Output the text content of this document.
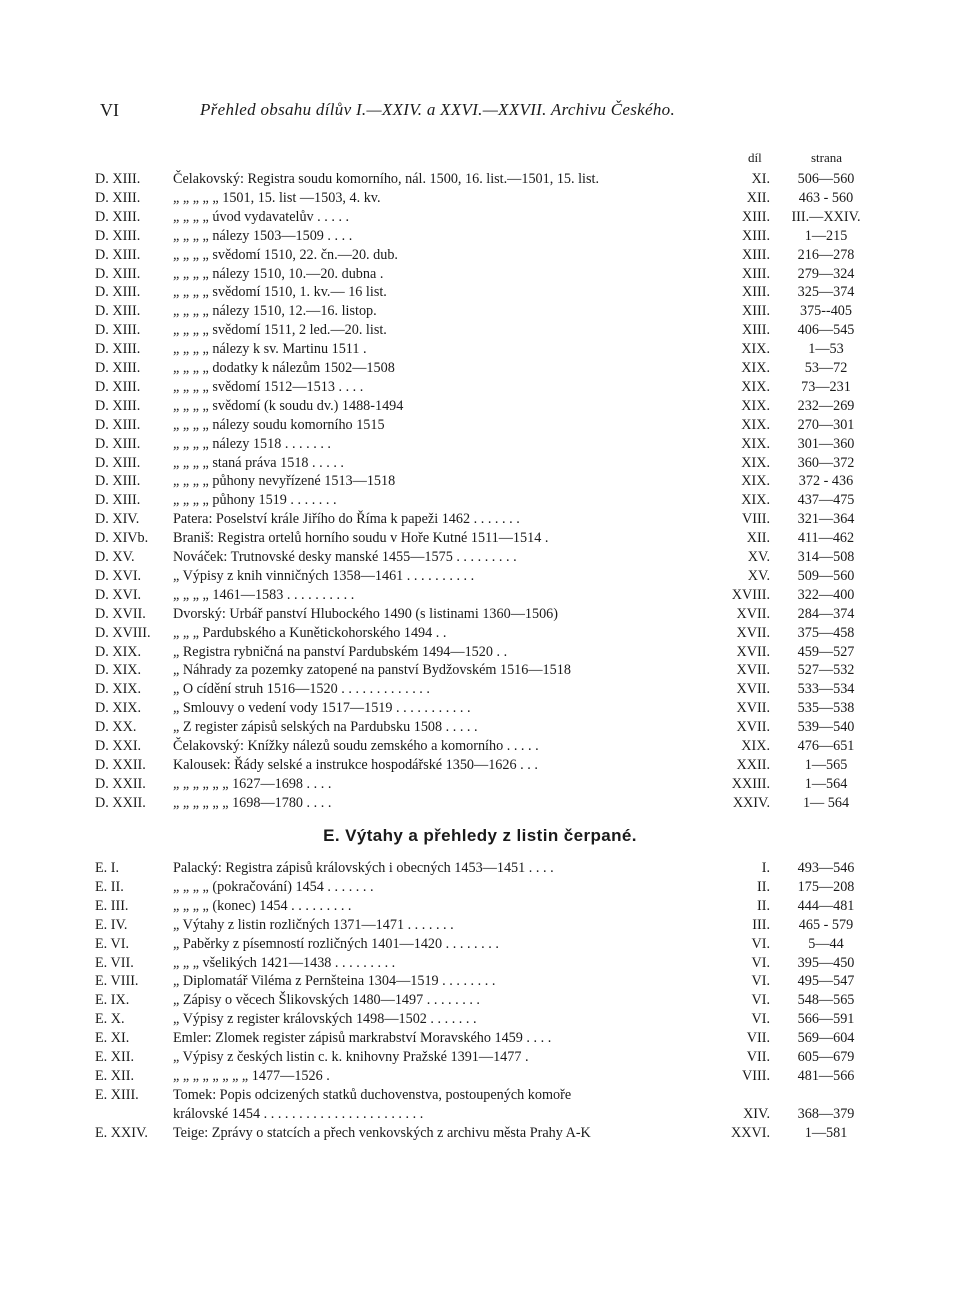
VI	Přehled obsahu dílův I.—XXIV. a XXVI.—XXVII. Archivu Českého.
díl	strana
D. XIII. Čelakovský: Registra soudu komorního, nál. 1500, 16. list.—1501, 15. list.	XI.	506—560
D. XIII. „ „ „ „ „ 1501, 15. list —1503, 4. kv.	XII.	463 - 560
D. XIII. „ „ „ „ úvod vydavatelův . . . . .	XIII.	III.—XXIV.
D. XIII. „ „ „ „ nálezy 1503—1509 . . . .	XIII.	1—215
D. XIII. „ „ „ „ svědomí 1510, 22. čn.—20. dub.	XIII.	216—278
D. XIII. „ „ „ „ nálezy 1510, 10.—20. dubna .	XIII.	279—324
D. XIII. „ „ „ „ svědomí 1510, 1. kv.— 16 list.	XIII.	325—374
D. XIII. „ „ „ „ nálezy 1510, 12.—16. listop.	XIII.	375--405
D. XIII. „ „ „ „ svědomí 1511, 2 led.—20. list.	XIII.	406—545
D. XIII. „ „ „ „ nálezy k sv. Martinu 1511 .	XIX.	1—53
D. XIII. „ „ „ „ dodatky k nálezům 1502—1508	XIX.	53—72
D. XIII. „ „ „ „ svědomí 1512—1513 . . . .	XIX.	73—231
D. XIII. „ „ „ „ svědomí (k soudu dv.) 1488-1494	XIX.	232—269
D. XIII. „ „ „ „ nálezy soudu komorního 1515	XIX.	270—301
D. XIII. „ „ „ „ nálezy 1518 . . . . . . .	XIX.	301—360
D. XIII. „ „ „ „ staná práva 1518 . . . . .	XIX.	360—372
D. XIII. „ „ „ „ půhony nevyřízené 1513—1518	XIX.	372 - 436
D. XIII. „ „ „ „ půhony 1519 . . . . . . .	XIX.	437—475
D. XIV. Patera: Poselství krále Jiřího do Říma k papeži 1462 . . . . . . .	VIII.	321—364
D. XIVb. Braniš: Registra ortelů horního soudu v Hoře Kutné 1511—1514 .	XII.	411—462
D. XV.	Nováček: Trutnovské desky manské 1455—1575 . . . . . . . . .	XV.	314—508
D. XVI. „ Výpisy z knih vinničných 1358—1461 . . . . . . . . . .	XV.	509—560
D. XVI. „ „ „ „ 1461—1583 . . . . . . . . . .	XVIII.	322—400
D. XVII. Dvorský: Urbář panství Hlubockého 1490 (s listinami 1360—1506)	XVII.	284—374
D. XVIII. „ „ „ Pardubského a Kunětickohorského 1494 . .	XVII.	375—458
D. XIX. „ Registra rybničná na panství Pardubském 1494—1520 . .	XVII.	459—527
D. XIX. „ Náhrady za pozemky zatopené na panství Bydžovském 1516—1518	XVII.	527—532
D. XIX. „ O cídění struh 1516—1520 . . . . . . . . . . . . .	XVII.	533—534
D. XIX. „ Smlouvy o vedení vody 1517—1519 . . . . . . . . . . .	XVII.	535—538
D. XX.	„ Z register zápisů selských na Pardubsku 1508 . . . . .	XVII.	539—540
D. XXI. Čelakovský: Knížky nálezů soudu zemského a komorního . . . . .	XIX.	476—651
D. XXII. Kalousek: Řády selské a instrukce hospodářské 1350—1626 . . .	XXII.	1—565
D. XXII. „ „ „ „ „ „ 1627—1698 . . . .	XXIII.	1—564
D. XXII. „ „ „ „ „ „ 1698—1780 . . . .	XXIV.	1— 564
E. Výtahy a přehledy z listin čerpané.
E. I.	Palacký: Registra zápisů královských i obecných 1453—1451 . . . .	I.	493—546
E. II.	„ „ „ „ (pokračování) 1454 . . . . . . .	II.	175—208
E. III.	„ „ „ „ (konec) 1454 . . . . . . . . .	II.	444—481
E. IV.	„ Výtahy z listin rozličných 1371—1471 . . . . . . .	III.	465 - 579
E. VI.	„ Paběrky z písemností rozličných 1401—1420 . . . . . . . .	VI.	5—44
E. VII.	„ „ „ všelikých 1421—1438 . . . . . . . . .	VI.	395—450
E. VIII. „ Diplomatář Viléma z Pernšteina 1304—1519 . . . . . . . .	VI.	495—547
E. IX.	„ Zápisy o věcech Šlikovských 1480—1497 . . . . . . . .	VI.	548—565
E. X.	„ Výpisy z register královských 1498—1502 . . . . . . .	VI.	566—591
E. XI.	Emler: Zlomek register zápisů markrabství Moravského 1459 . . . .	VII.	569—604
E. XII.	„ Výpisy z českých listin c. k. knihovny Pražské 1391—1477 .	VII.	605—679
E. XII.	„ „ „ „ „ „ „ „ 1477—1526 .	VIII.	481—566
E. XIII. Tomek: Popis odcizených statků duchovenstva, postoupených komoře
královské 1454 . . . . . . . . . . . . . . . . . . . . . . .	XIV.	368—379
E. XXIV. Teige: Zprávy o statcích a přech venkovských z archivu města Prahy A-K	XXVI.	1—581
